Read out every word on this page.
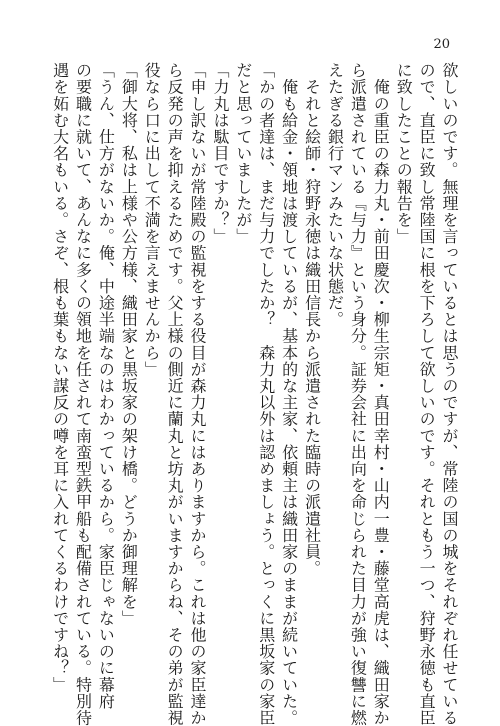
20
欲しいのです。無理を言っているとは思うのですが、常陸の国の城をそれぞれ任せている
ので、直臣に致し常陸国に根を下ろして欲しいのです。それともう一つ、狩野永徳も直臣
に致したことの報告を」
　俺の重臣の森力丸・前田慶次・柳生宗矩・真田幸村・山内一豊・藤堂高虎は、織田家か
ら派遣されている『与力』という身分。証券会社に出向を命じられた目力が強い復讐に燃
えたぎる銀行マンみたいな状態だ。
　それと絵師・狩野永徳は織田信長から派遣された臨時の派遣社員。
　俺も給金・領地は渡しているが、基本的な主家、依頼主は織田家のままが続いていた。
「かの者達は、まだ与力でしたか？　森力丸以外は認めましょう。とっくに黒坂家の家臣
だと思っていましたが」
「力丸は駄目ですか？」
「申し訳ないが常陸殿の監視をする役目が森力丸にはありますから。これは他の家臣達か
ら反発の声を抑えるためです。父上様の側近に蘭丸と坊丸がいますからね、その弟が監視
役なら口に出して不満を言えませんから」
「御大将、私は上様や公方様、織田家と黒坂家の架け橋。どうか御理解を」
「うん、仕方がないか。俺、中途半端なのはわかっているから。家臣じゃないのに幕府
の要職に就いて、あんなに多くの領地を任されて南蛮型鉄甲船も配備されている。特別待
遇を妬む大名もいる。さぞ、根も葉もない謀反の噂を耳に入れてくるわけですね？」
